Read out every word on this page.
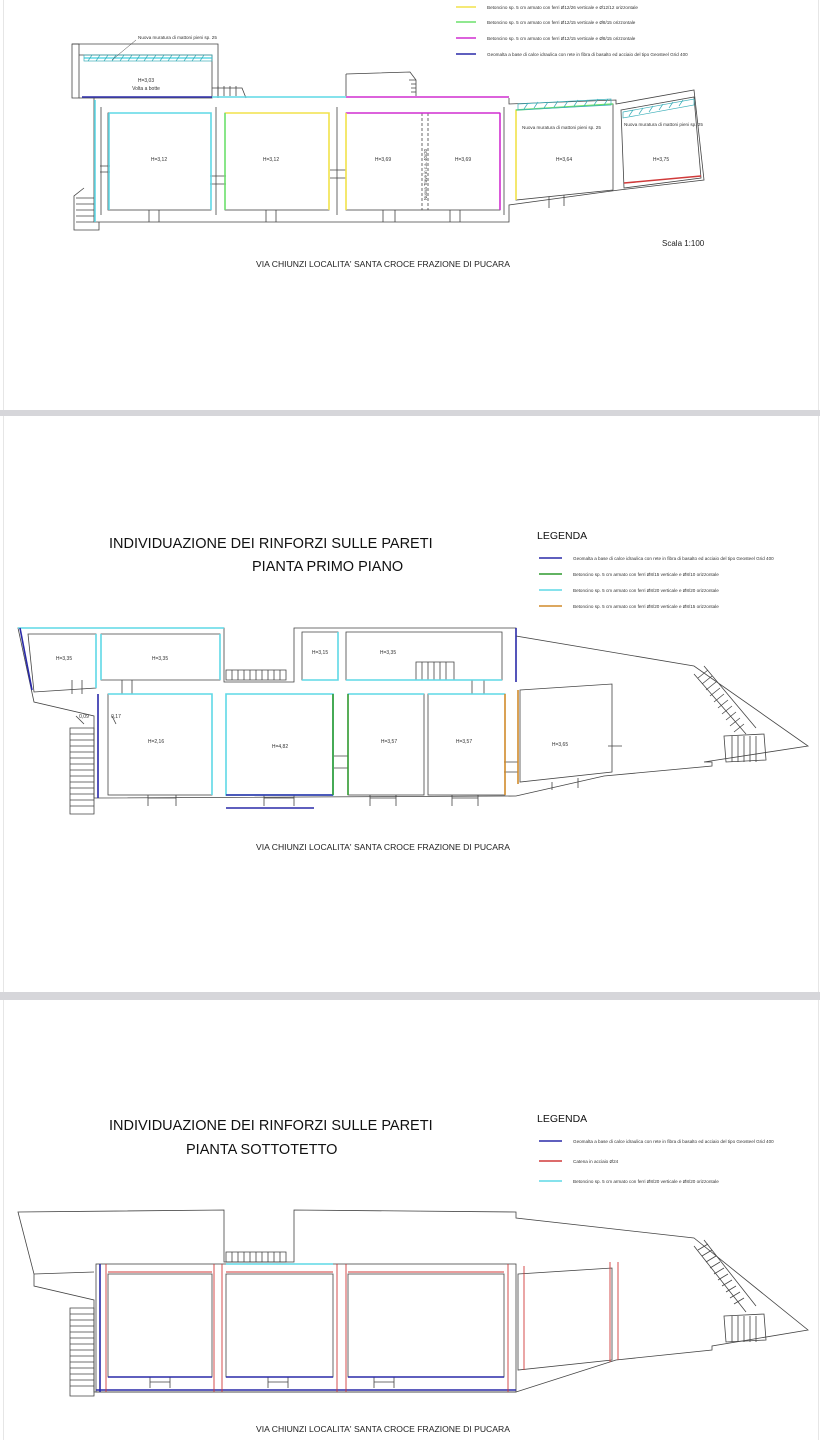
Betoncino sp. 5 cm armato con ferri Ø12/26 verticale e Ø12/12 orizzontale
Betoncino sp. 5 cm armato con ferri Ø12/15 verticale e Ø8/15 orizzontale
Betoncino sp. 5 cm armato con ferri Ø12/15 verticale e Ø8/15 orizzontale
Geomalta a base di calce idraulica con rete in fibra di basalto ed acciaio del tipo Geosteel Grid 400
Nuova muratura di mattoni pieni sp. 25
Nuova muratura di mattoni pieni sp. 25
Nuova muratura di mattoni pieni sp. 25
H=3,03
Volta a botte
H=3,12	H=3,12	H=3,69	H=3,69	H=3,64	H=3,75
Nuova Trave in c.a. 40x20
Scala 1:100
VIA CHIUNZI LOCALITA' SANTA CROCE FRAZIONE DI PUCARA
INDIVIDUAZIONE DEI RINFORZI SULLE PARETI
PIANTA PRIMO PIANO
LEGENDA
Geomalta a base di calce idraulica con rete in fibra di basalto ed acciaio del tipo Geosteel Grid 400
Betoncino sp. 5 cm armato con ferri Ø8/15 verticale e Ø8/10 orizzontale
Betoncino sp. 5 cm armato con ferri Ø8/20 verticale e Ø8/20 orizzontale
Betoncino sp. 5 cm armato con ferri Ø8/20 verticale e Ø8/15 orizzontale
H=3,35	H=3,35
H=3,15	H=3,35
H=2,16
H=4,82
H=3,57	H=3,57	H=3,65
0,09	0,17
VIA CHIUNZI LOCALITA' SANTA CROCE FRAZIONE DI PUCARA
INDIVIDUAZIONE DEI RINFORZI SULLE PARETI
PIANTA SOTTOTETTO
LEGENDA
Geomalta a base di calce idraulica con rete in fibra di basalto ed acciaio del tipo Geosteel Grid 400
Catena in acciaio Ø24
Betoncino sp. 5 cm armato con ferri Ø8/20 verticale e Ø8/20 orizzontale
VIA CHIUNZI LOCALITA' SANTA CROCE FRAZIONE DI PUCARA
